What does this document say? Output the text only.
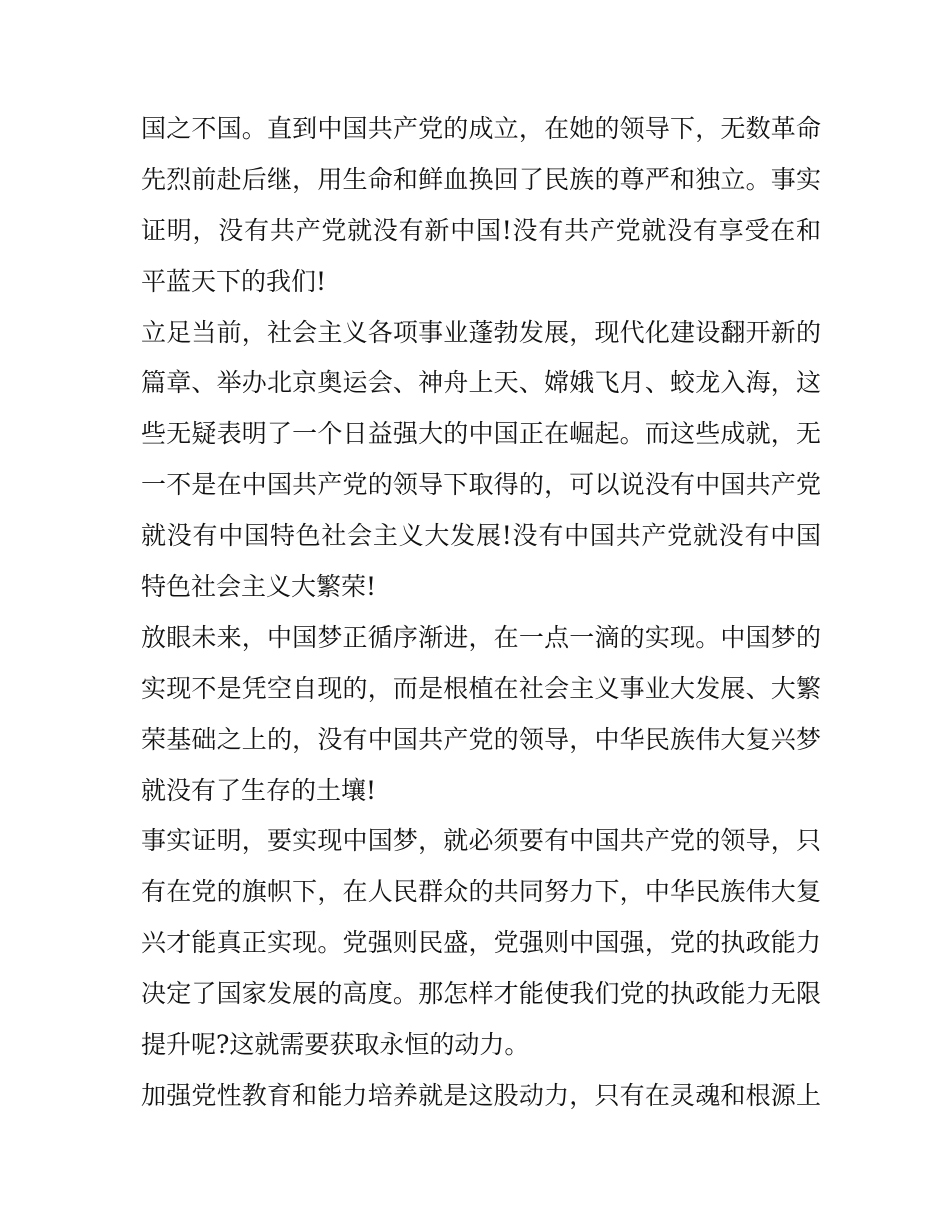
国之不国。直到中国共产党的成立，在她的领导下，无数革命
先烈前赴后继，用生命和鲜血换回了民族的尊严和独立。事实
证明，没有共产党就没有新中国!没有共产党就没有享受在和
平蓝天下的我们!
立足当前，社会主义各项事业蓬勃发展，现代化建设翻开新的
篇章、举办北京奥运会、神舟上天、嫦娥飞月、蛟龙入海，这
些无疑表明了一个日益强大的中国正在崛起。而这些成就，无
一不是在中国共产党的领导下取得的，可以说没有中国共产党
就没有中国特色社会主义大发展!没有中国共产党就没有中国
特色社会主义大繁荣!
放眼未来，中国梦正循序渐进，在一点一滴的实现。中国梦的
实现不是凭空自现的，而是根植在社会主义事业大发展、大繁
荣基础之上的，没有中国共产党的领导，中华民族伟大复兴梦
就没有了生存的土壤!
事实证明，要实现中国梦，就必须要有中国共产党的领导，只
有在党的旗帜下，在人民群众的共同努力下，中华民族伟大复
兴才能真正实现。党强则民盛，党强则中国强，党的执政能力
决定了国家发展的高度。那怎样才能使我们党的执政能力无限
提升呢?这就需要获取永恒的动力。
加强党性教育和能力培养就是这股动力，只有在灵魂和根源上
